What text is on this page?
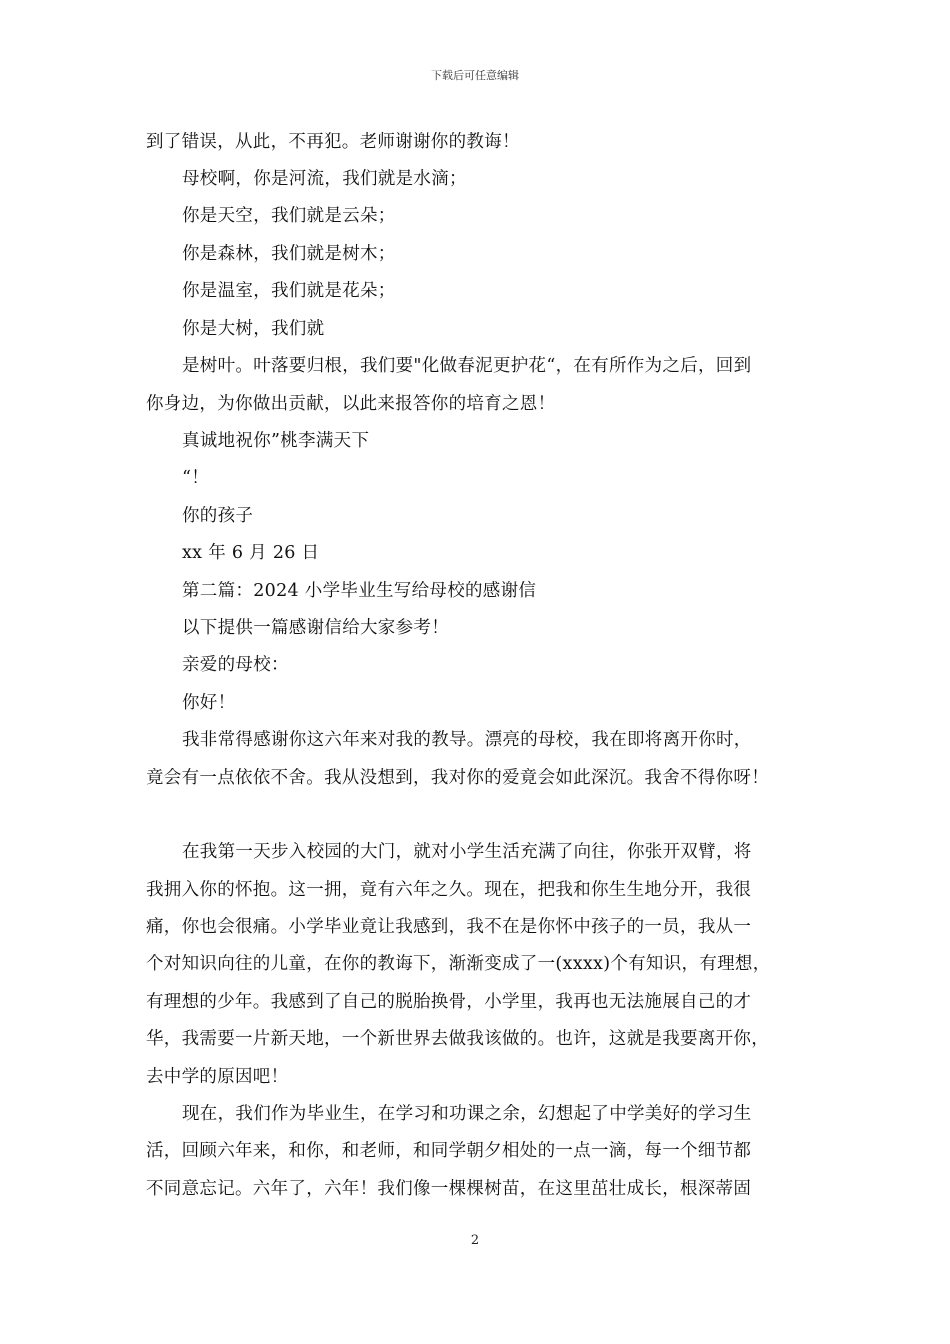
下载后可任意编辑
到了错误，从此，不再犯。老师谢谢你的教诲！
母校啊，你是河流，我们就是水滴；
你是天空，我们就是云朵；
你是森林，我们就是树木；
你是温室，我们就是花朵；
你是大树，我们就
是树叶。叶落要归根，我们要"化做春泥更护花“，在有所作为之后，回到
你身边，为你做出贡献，以此来报答你的培育之恩！
真诚地祝你”桃李满天下
“！
你的孩子
xx 年 6 月 26 日
第二篇：2024 小学毕业生写给母校的感谢信
以下提供一篇感谢信给大家参考！
亲爱的母校：
你好！
我非常得感谢你这六年来对我的教导。漂亮的母校，我在即将离开你时，
竟会有一点依依不舍。我从没想到，我对你的爱竟会如此深沉。我舍不得你呀！
在我第一天步入校园的大门，就对小学生活充满了向往，你张开双臂，将
我拥入你的怀抱。这一拥，竟有六年之久。现在，把我和你生生地分开，我很
痛，你也会很痛。小学毕业竟让我感到，我不在是你怀中孩子的一员，我从一
个对知识向往的儿童，在你的教诲下，渐渐变成了一(xxxx)个有知识，有理想，
有理想的少年。我感到了自己的脱胎换骨，小学里，我再也无法施展自己的才
华，我需要一片新天地，一个新世界去做我该做的。也许，这就是我要离开你，
去中学的原因吧！
现在，我们作为毕业生，在学习和功课之余，幻想起了中学美好的学习生
活，回顾六年来，和你，和老师，和同学朝夕相处的一点一滴，每一个细节都
不同意忘记。六年了，六年！我们像一棵棵树苗，在这里茁壮成长，根深蒂固
2
